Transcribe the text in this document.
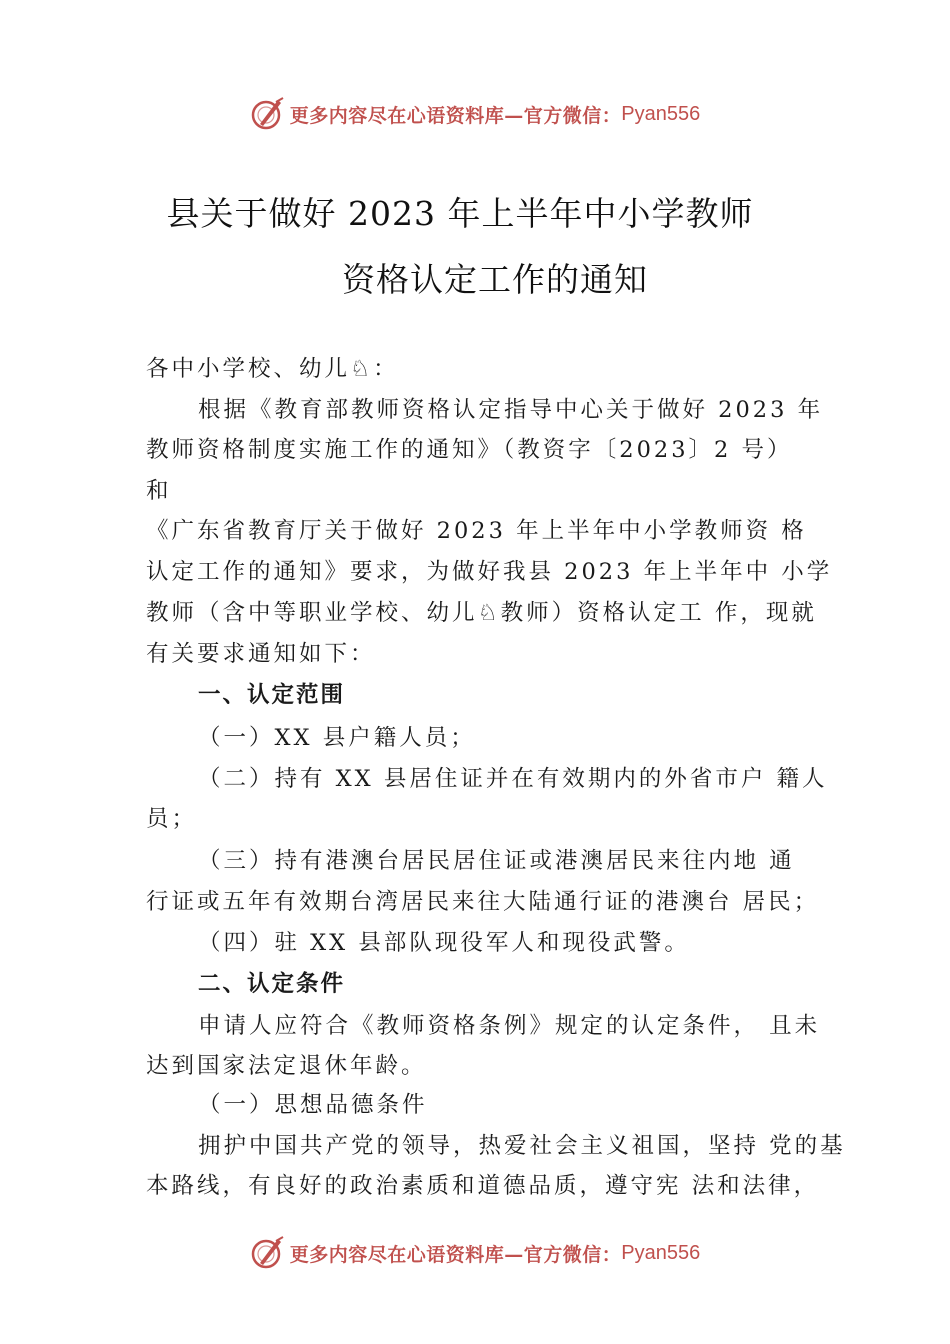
更多内容尽在心语资料库—官方微信： Pyan556
县关于做好 2023 年上半年中小学教师
资格认定工作的通知
各中小学校、幼儿♘：
根据《教育部教师资格认定指导中心关于做好 2023 年
教师资格制度实施工作的通知》（教资字〔2023〕2 号）
和
《广东省教育厅关于做好 2023 年上半年中小学教师资 格
认定工作的通知》要求，为做好我县 2023 年上半年中 小学
教师（含中等职业学校、幼儿♘教师）资格认定工 作，现就
有关要求通知如下：
一、认定范围
（一）XX 县户籍人员；
（二）持有 XX 县居住证并在有效期内的外省市户 籍人
员；
（三）持有港澳台居民居住证或港澳居民来往内地 通
行证或五年有效期台湾居民来往大陆通行证的港澳台 居民；
（四）驻 XX 县部队现役军人和现役武警。
二、认定条件
申请人应符合《教师资格条例》规定的认定条件， 且未
达到国家法定退休年龄。
（一）思想品德条件
拥护中国共产党的领导，热爱社会主义祖国，坚持 党的基
本路线，有良好的政治素质和道德品质，遵守宪 法和法律，
更多内容尽在心语资料库—官方微信： Pyan556
